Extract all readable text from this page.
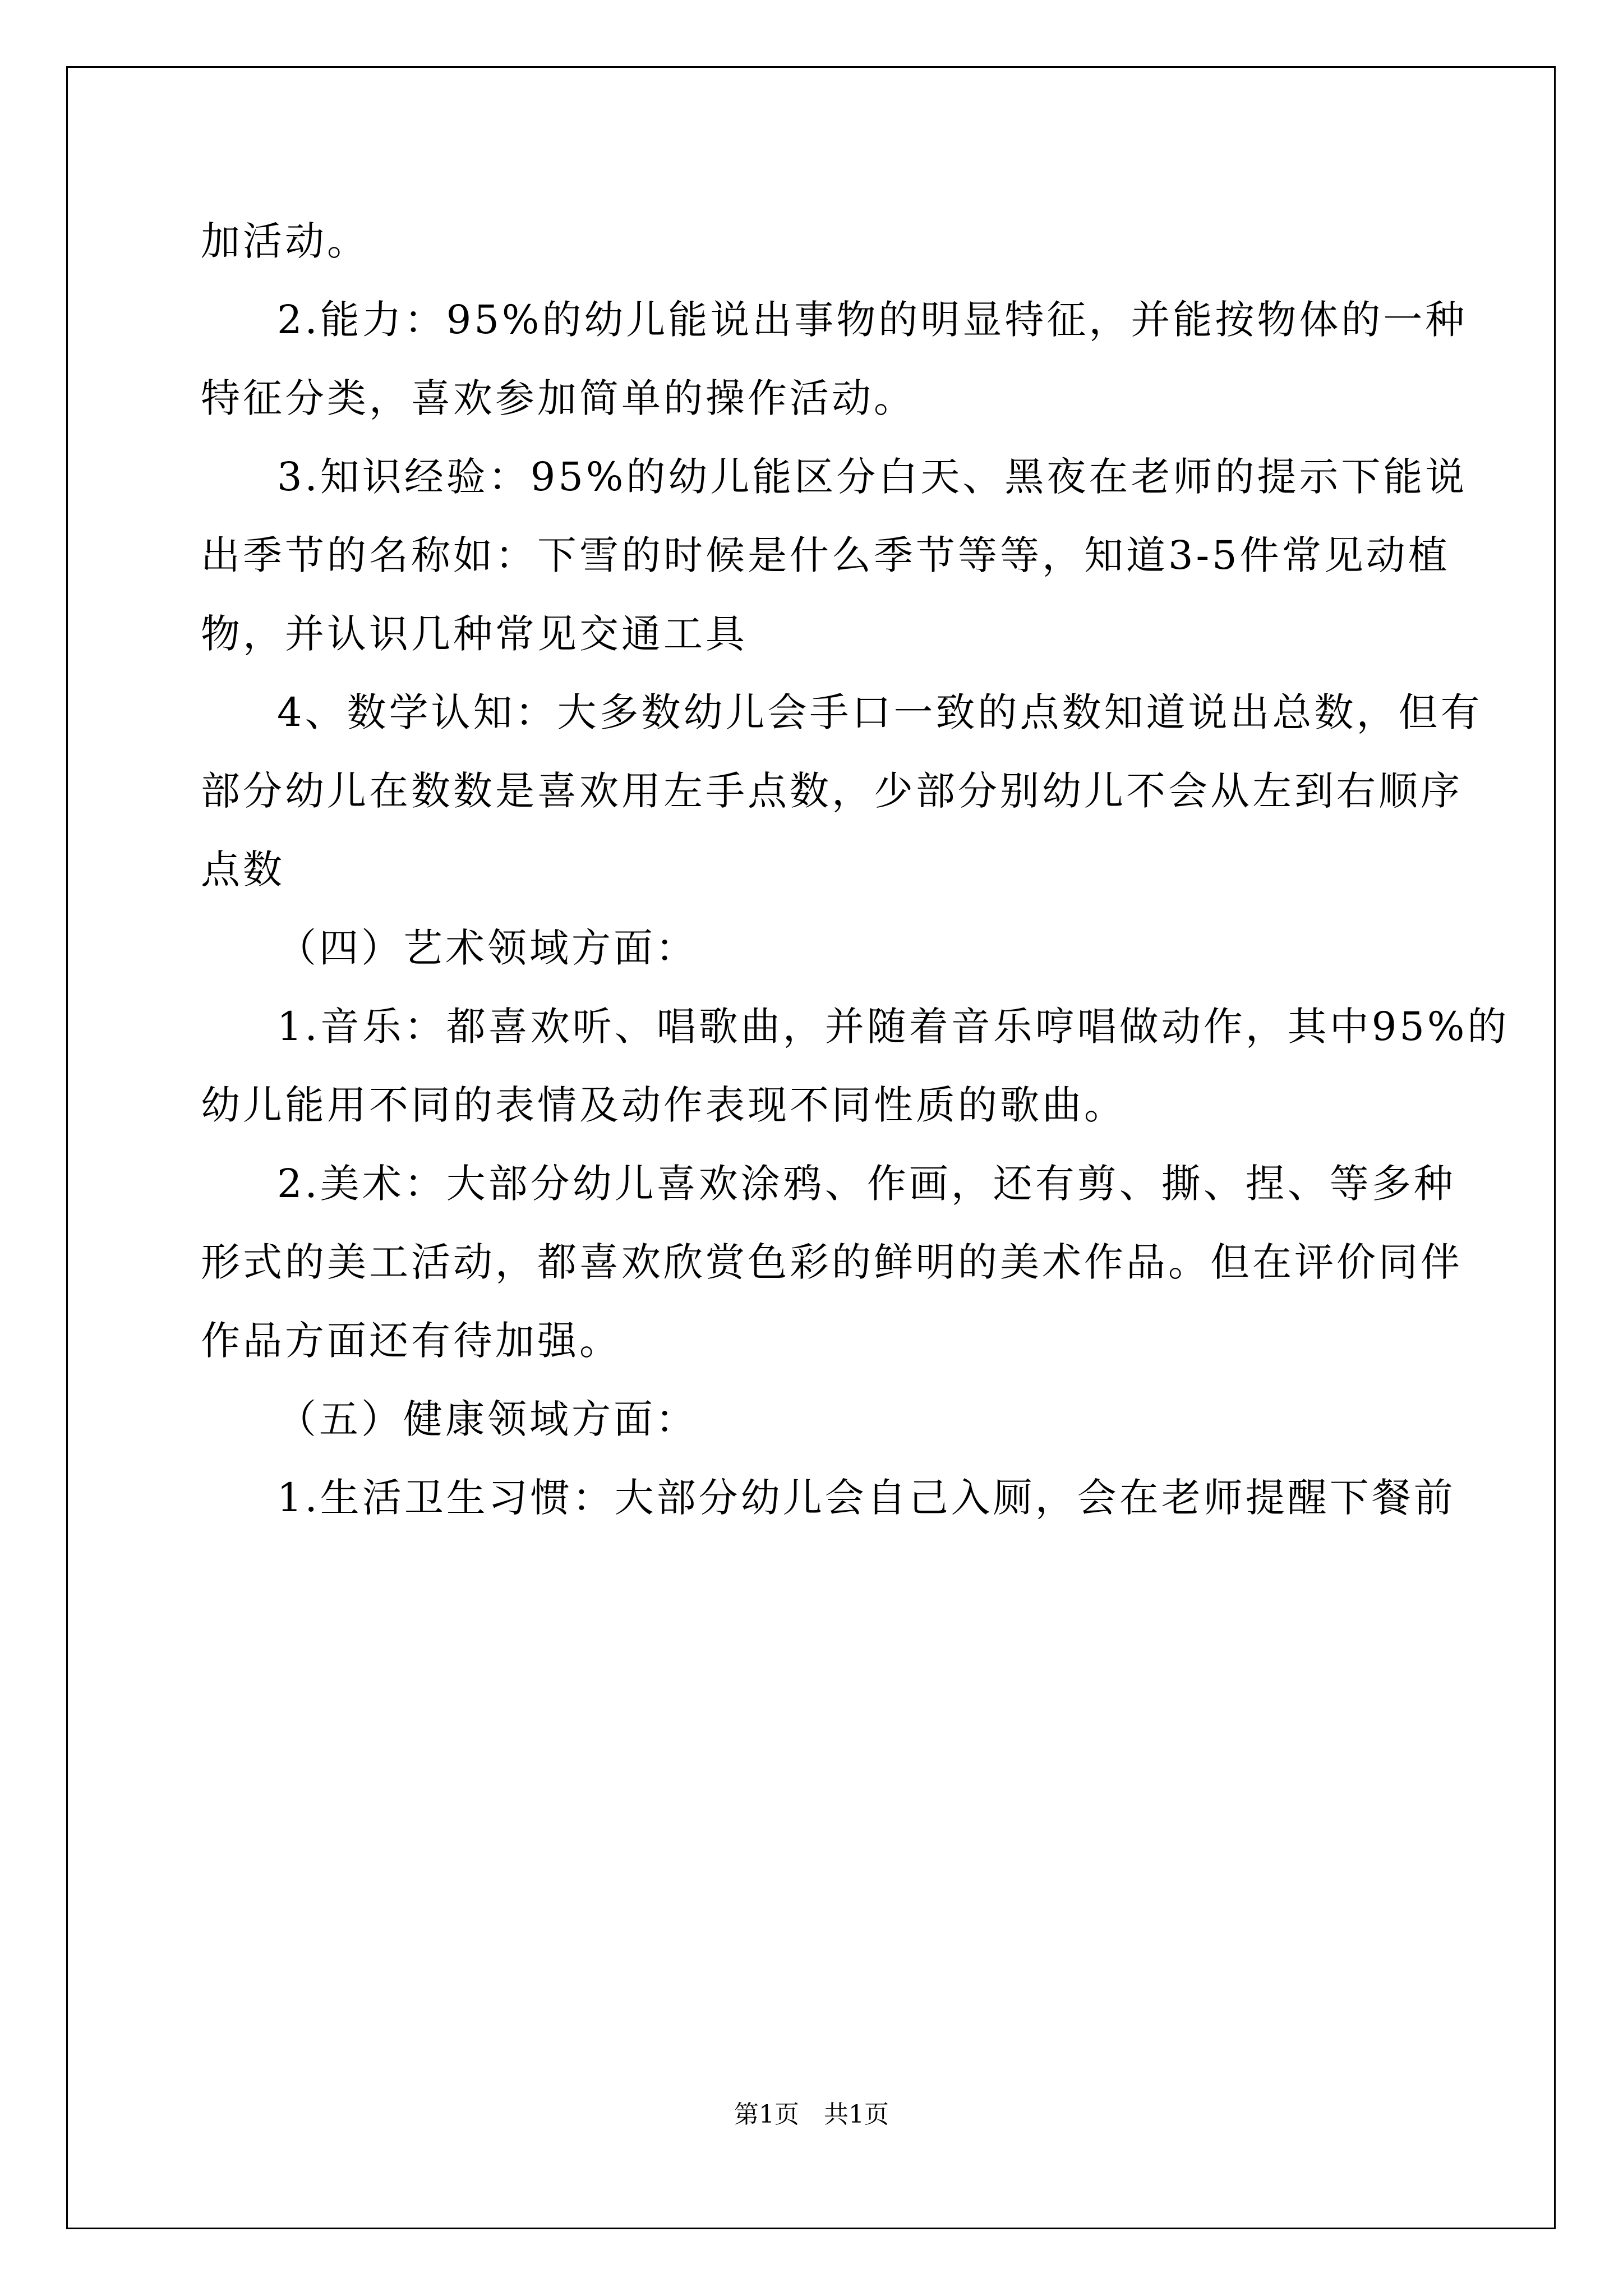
加活动。

2.能力：95%的幼儿能说出事物的明显特征，并能按物体的一种

特征分类，喜欢参加简单的操作活动。

3.知识经验：95%的幼儿能区分白天、黑夜在老师的提示下能说

出季节的名称如：下雪的时候是什么季节等等，知道3-5件常见动植

物，并认识几种常见交通工具

4、数学认知：大多数幼儿会手口一致的点数知道说出总数，但有

部分幼儿在数数是喜欢用左手点数，少部分别幼儿不会从左到右顺序

点数

（四）艺术领域方面：

1.音乐：都喜欢听、唱歌曲，并随着音乐哼唱做动作，其中95%的

幼儿能用不同的表情及动作表现不同性质的歌曲。

2.美术：大部分幼儿喜欢涂鸦、作画，还有剪、撕、捏、等多种

形式的美工活动，都喜欢欣赏色彩的鲜明的美术作品。但在评价同伴

作品方面还有待加强。

（五）健康领域方面：

1.生活卫生习惯：大部分幼儿会自己入厕，会在老师提醒下餐前

第1页　共1页
